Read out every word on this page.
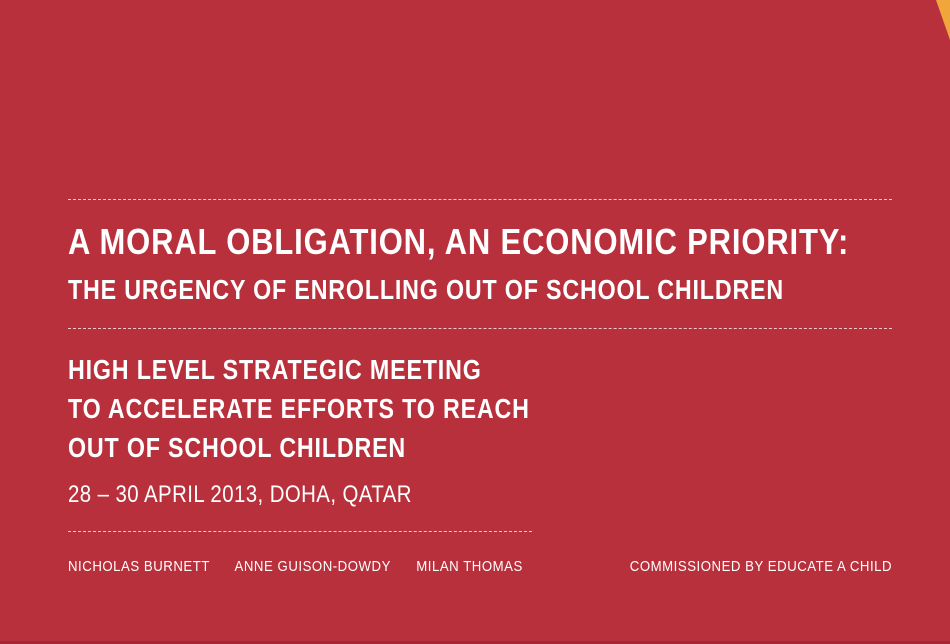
A MORAL OBLIGATION, AN ECONOMIC PRIORITY:
THE URGENCY OF ENROLLING OUT OF SCHOOL CHILDREN
HIGH LEVEL STRATEGIC MEETING
TO ACCELERATE EFFORTS TO REACH
OUT OF SCHOOL CHILDREN

28 – 30 APRIL 2013, DOHA, QATAR

NICHOLAS BURNETT ANNE GUISON-DOWDY MILAN THOMAS	COMMISSIONED BY EDUCATE A CHILD
